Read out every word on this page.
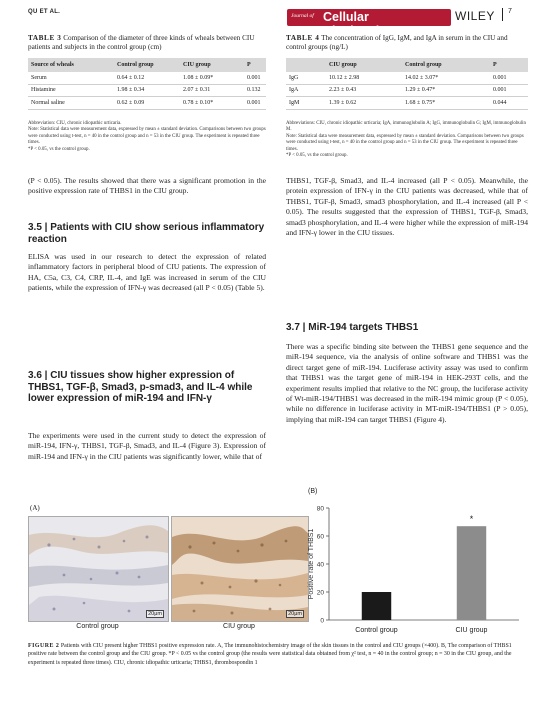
QU ET AL.
Journal of Cellular Biochemistry
WILEY 7
TABLE 3 Comparison of the diameter of three kinds of wheals between CIU patients and subjects in the control group (cm)
Source of wheals	Control group	CIU group	P
Serum	0.64 ± 0.12	1.08 ± 0.09*	0.001
Histamine	1.98 ± 0.34	2.07 ± 0.31	0.132
Normal saline	0.62 ± 0.09	0.78 ± 0.10*	0.001
Abbreviation: CIU, chronic idiopathic urticaria.
Note: Statistical data were measurement data, expressed by mean ± standard deviation. Comparisons between two groups were conducted using t-test, n = 40 in the control group and n = 53 in the CIU group. The experiment is repeated three times.
*P < 0.05, vs the control group.
TABLE 4 The concentration of IgG, IgM, and IgA in serum in the CIU and control groups (ng/L)
	CIU group	Control group	P
IgG	10.12 ± 2.98	14.02 ± 3.07*	0.001
IgA	2.23 ± 0.43	1.29 ± 0.47*	0.001
IgM	1.39 ± 0.62	1.68 ± 0.75*	0.044
Abbreviations: CIU, chronic idiopathic urticaria; IgA, immunoglobulin A; IgG, immunoglobulin G; IgM, immunoglobulin M.
Note: Statistical data were measurement data, expressed by mean ± standard deviation. Comparisons between two groups were conducted using t-test, n = 40 in the control group and n = 53 in the CIU group. The experiment is repeated three times.
*P < 0.05, vs the control group.
(P < 0.05). The results showed that there was a significant promotion in the positive expression rate of THBS1 in the CIU group.
3.5 | Patients with CIU show serious inflammatory reaction
ELISA was used in our research to detect the expression of related inflammatory factors in peripheral blood of CIU patients. The expression of HA, C5a, C3, C4, CRP, IL-4, and IgE was increased in serum of the CIU patients, while the expression of IFN-γ was decreased (all P < 0.05) (Table 5).
3.6 | CIU tissues show higher expression of THBS1, TGF-β, Smad3, p-smad3, and IL-4 while lower expression of miR-194 and IFN-γ
The experiments were used in the current study to detect the expression of miR-194, IFN-γ, THBS1, TGF-β, Smad3, and IL-4 (Figure 3). Expression of miR-194 and IFN-γ in the CIU patients was significantly lower, while that of
THBS1, TGF-β, Smad3, and IL-4 increased (all P < 0.05). Meanwhile, the protein expression of IFN-γ in the CIU patients was decreased, while that of THBS1, TGF-β, Smad3, smad3 phosphorylation, and IL-4 increased (all P < 0.05). The results suggested that the expression of THBS1, TGF-β, Smad3, smad3 phosphorylation, and IL-4 were higher while the expression of miR-194 and IFN-γ lower in the CIU tissues.
3.7 | MiR-194 targets THBS1
There was a specific binding site between the THBS1 gene sequence and the miR-194 sequence, via the analysis of online software and THBS1 was the direct target gene of miR-194. Luciferase activity assay was used to confirm that THBS1 was the target gene of miR-194 in HEK-293T cells, and the experiment results implied that relative to the NC group, the luciferase activity of Wt-miR-194/THBS1 was decreased in the miR-194 mimic group (P < 0.05), while no difference in luciferase activity in MT-miR-194/THBS1 (P > 0.05), implying that miR-194 can target THBS1 (Figure 4).
(A)
20μm	20μm
Control group	CIU group
(B)
0
20
40
60
80
Positive rate of THBS1
Control group	CIU group
*
FIGURE 2 Patients with CIU present higher THBS1 positive expression rate. A, The immunohistochemistry image of the skin tissues in the control and CIU groups (×400). B, The comparison of THBS1 positive rate between the control group and the CIU group. *P < 0.05 vs the control group (the results were statistical data obtained from χ² test, n = 40 in the control group; n = 30 in the CIU group, and the experiment is repeated three times). CIU, chronic idiopathic urticaria; THBS1, thrombospondin 1
